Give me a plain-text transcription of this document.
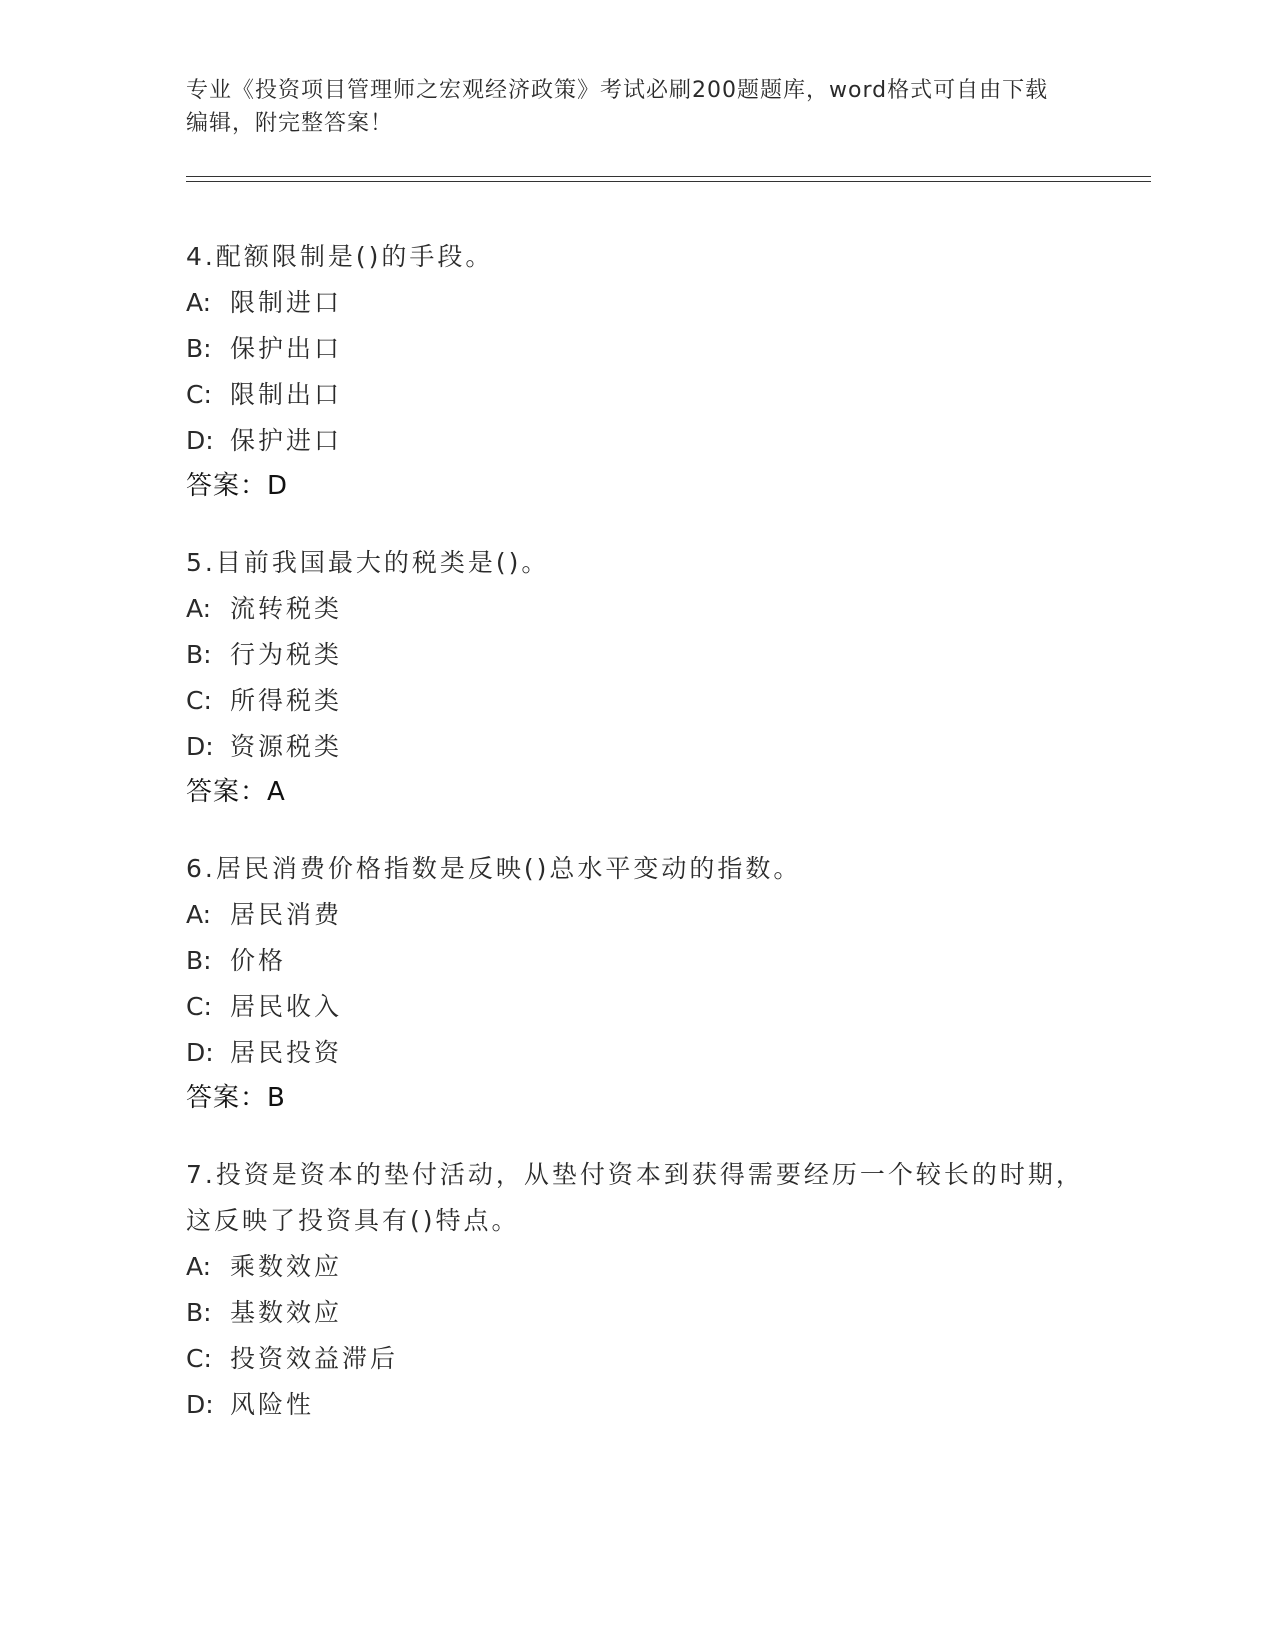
专业《投资项目管理师之宏观经济政策》考试必刷200题题库，word格式可自由下载编辑，附完整答案！
4.配额限制是()的手段。
A: 限制进口
B: 保护出口
C: 限制出口
D: 保护进口
答案：D
5.目前我国最大的税类是()。
A: 流转税类
B: 行为税类
C: 所得税类
D: 资源税类
答案：A
6.居民消费价格指数是反映()总水平变动的指数。
A: 居民消费
B: 价格
C: 居民收入
D: 居民投资
答案：B
7.投资是资本的垫付活动，从垫付资本到获得需要经历一个较长的时期，这反映了投资具有()特点。
A: 乘数效应
B: 基数效应
C: 投资效益滞后
D: 风险性
